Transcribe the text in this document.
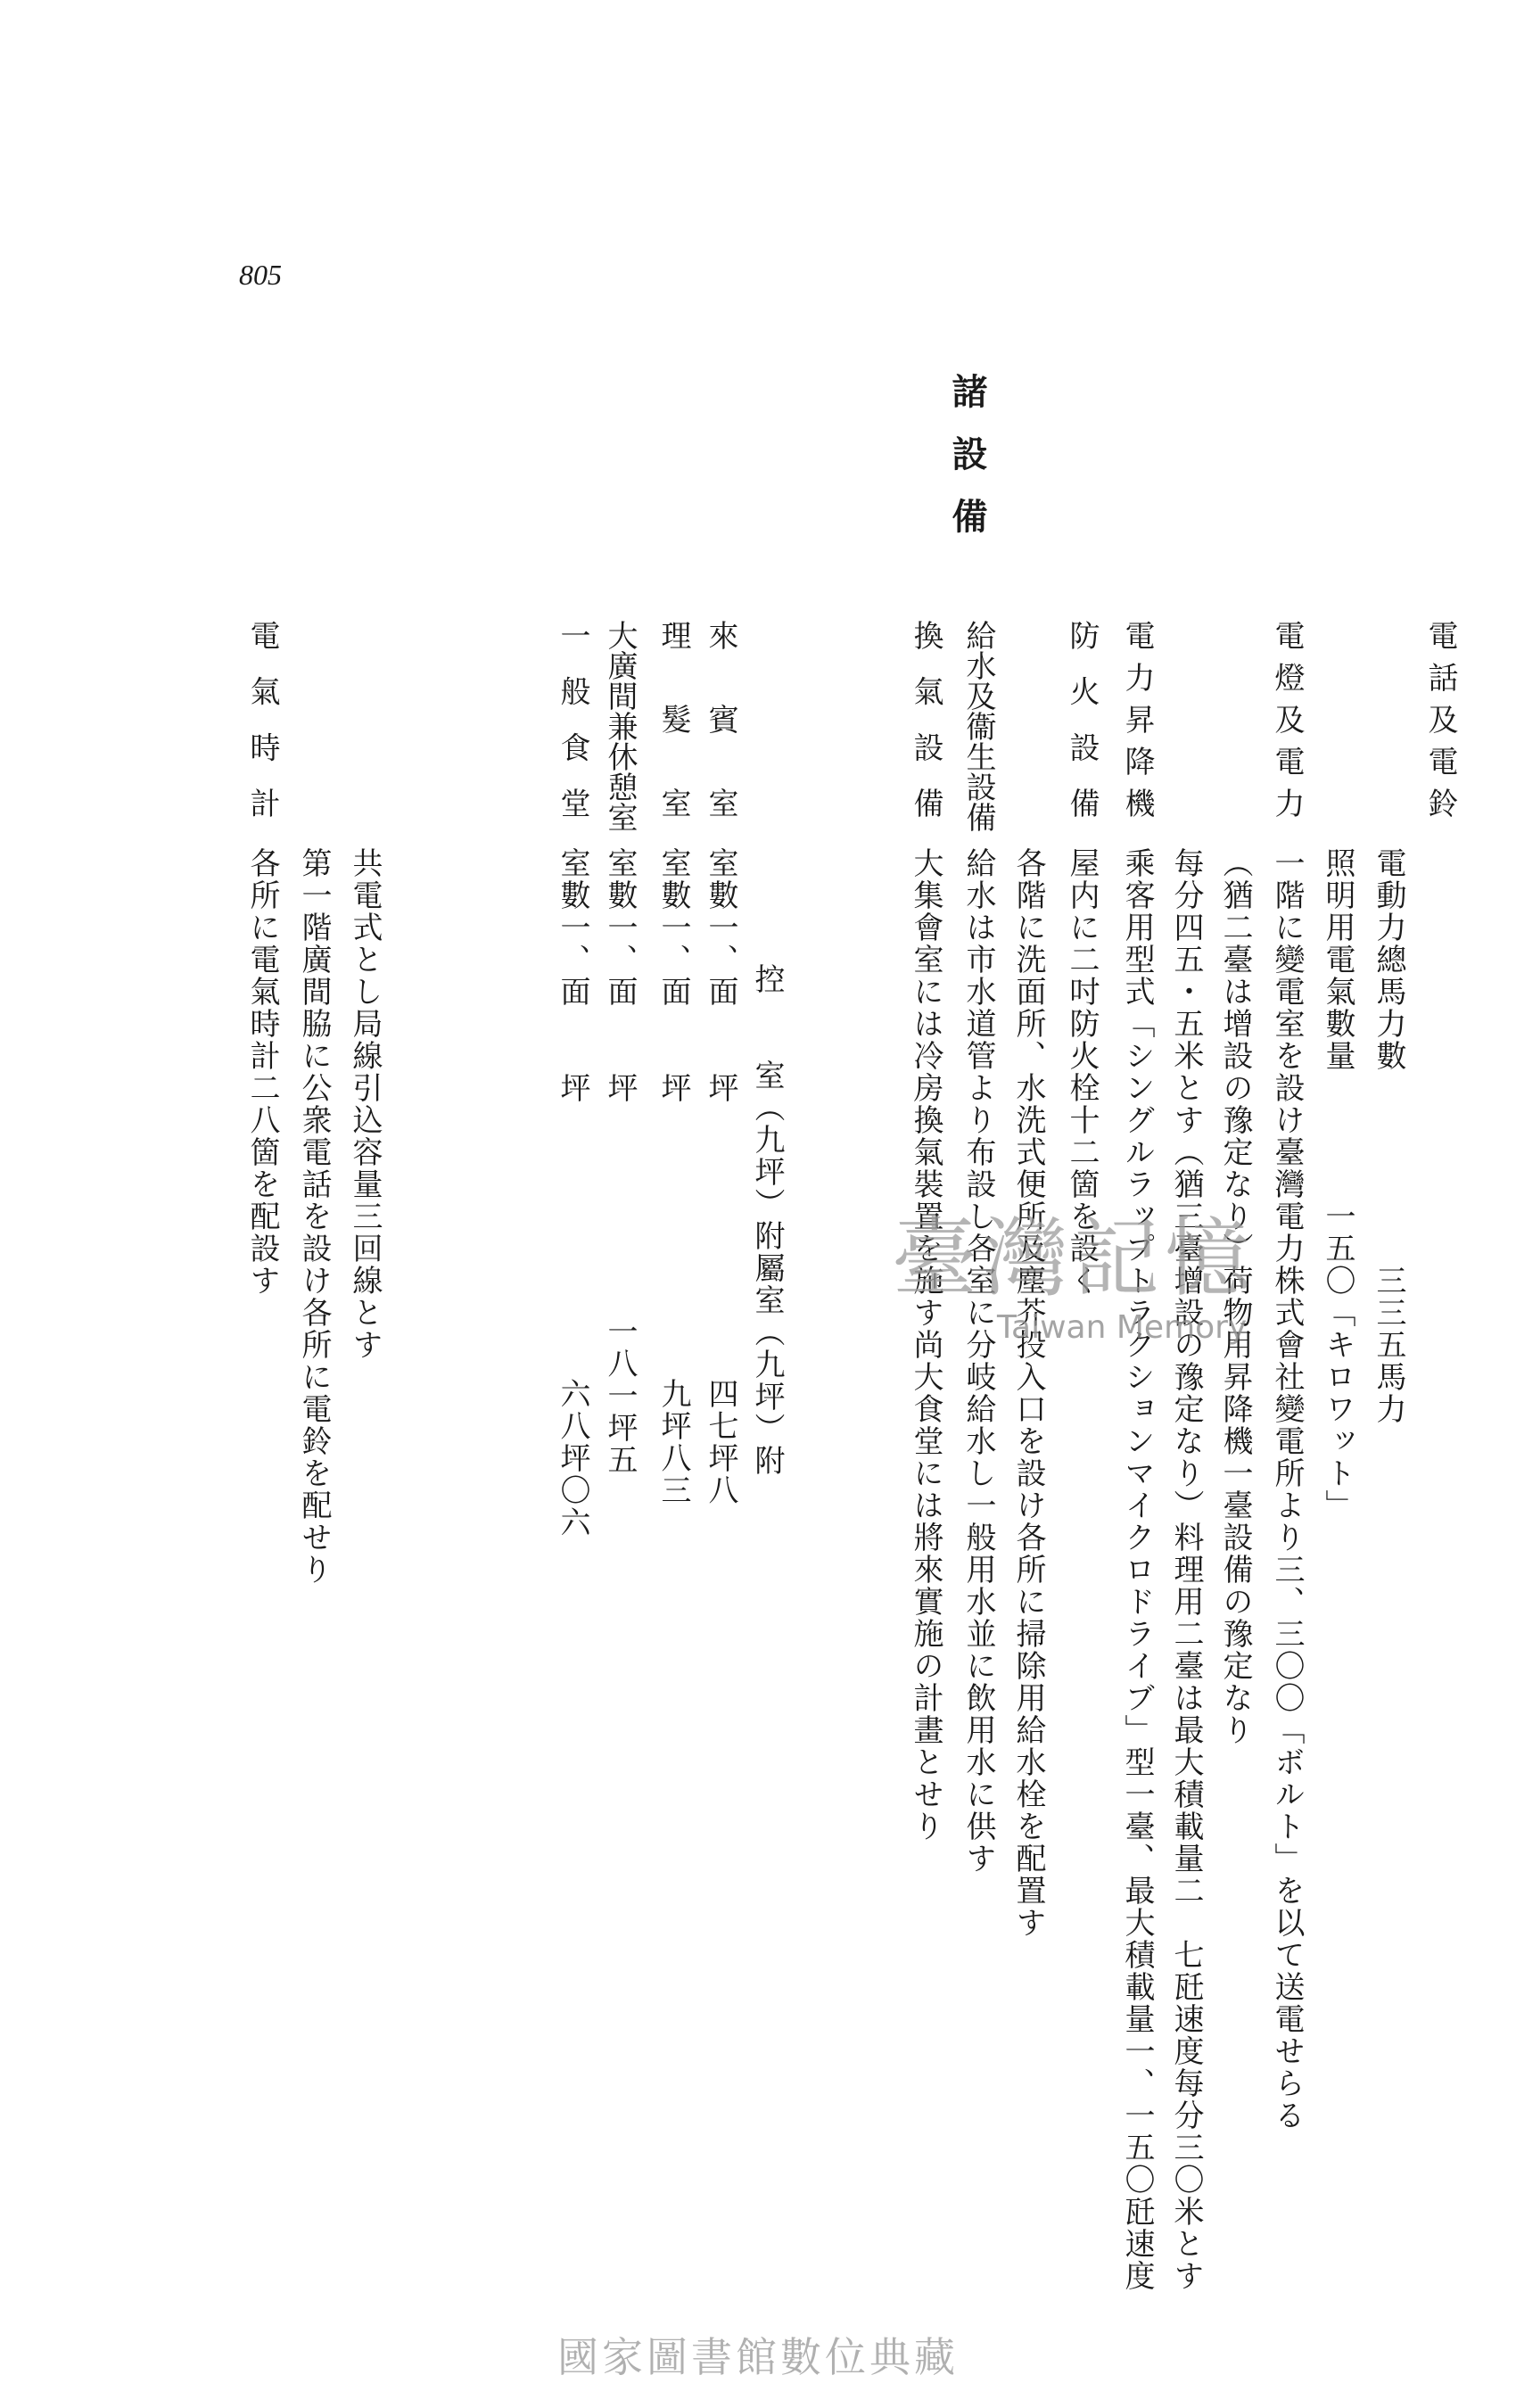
805
諸設備
一般食堂
室數一、面　　坪
六八坪〇六
大廣間兼休憩室
室數一、面　　坪
一八一坪五
理髮室
室數一、面　　坪
九坪八三
來賓室
室數一、面　　坪
四七坪八 控　　室（九坪）附屬室（九坪）附
換氣設備
大集會室には冷房換氣裝置を施す尚大食堂には將來實施の計畫とせり
給水及衞生設備
給水は市水道管より布設し各室に分岐給水し一般用水並に飲用水に供す 各階に洗面所、水洗式便所及塵芥投入口を設け各所に掃除用給水栓を配置す
防火設備
屋内に二吋防火栓十二箇を設く
電力昇降機
乘客用型式「シングルラップトラクションマイクロドライブ」型一臺、最大積載量一、一五〇瓩速度 每分四五・五米とす（猶三臺增設の豫定なり）料理用二臺は最大積載量二　七瓩速度每分三〇米とす （猶二臺は增設の豫定なり）荷物用昇降機一臺設備の豫定なり
電燈及電力
一階に變電室を設け臺灣電力株式會社變電所より三、三〇〇「ボルト」を以て送電せらる 照明用電氣數量　　　　一五〇「キロワット」 電動力總馬力數　　　　　　三三五馬力
電話及電鈴
共電式とし局線引込容量三回線とす
第一階廣間脇に公衆電話を設け各所に電鈴を配せり
電氣時計
各所に電氣時計二八箇を配設す	臺灣記憶
Taiwan Memory
國家圖書館數位典藏
